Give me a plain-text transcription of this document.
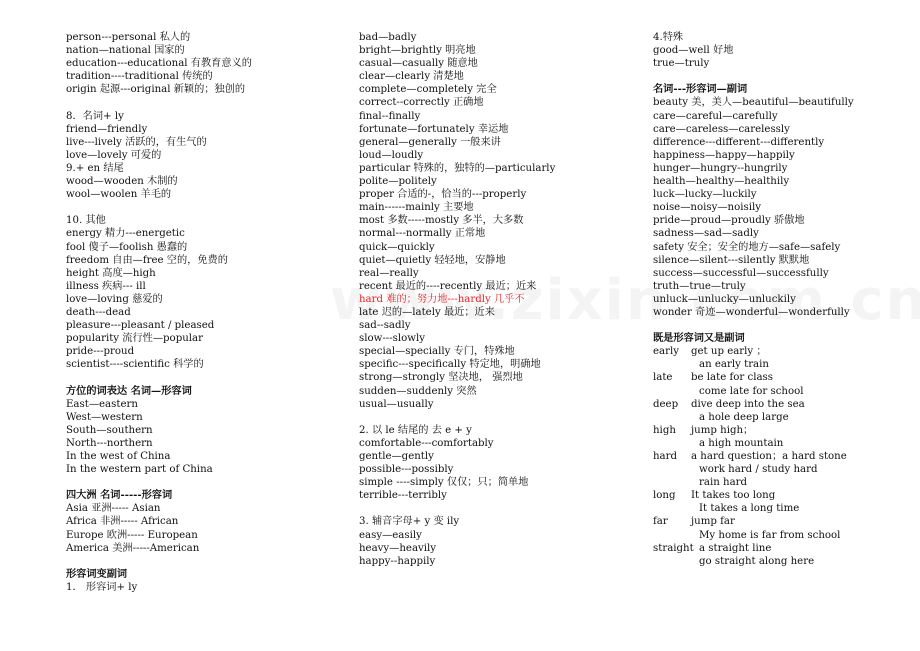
person---personal 私人的
nation—national 国家的
education---educational 有教育意义的
tradition----traditional 传统的
origin 起源---original 新颖的；独创的
8．名词+ ly
friend—friendly
live---lively 活跃的，有生气的
love—lovely 可爱的
9.+ en 结尾
wood—wooden 木制的
wool—woolen 羊毛的
10. 其他
energy 精力---energetic
fool 傻子—foolish 愚蠢的
freedom 自由—free 空的，免费的
height 高度—high
illness 疾病--- ill
love—loving 慈爱的
death---dead
pleasure---pleasant / pleased
popularity 流行性—popular
pride---proud
scientist----scientific 科学的
方位的词表达 名词—形容词
East—eastern
West—western
South—southern
North---northern
In the west of China
In the western part of China
四大洲 名词-----形容词
Asia 亚洲----- Asian
Africa 非洲----- African
Europe 欧洲----- European
America 美洲-----American
形容词变副词
1． 形容词+ ly
bad—badly
bright—brightly 明亮地
casual—casually 随意地
clear—clearly 清楚地
complete—completely 完全
correct--correctly 正确地
final--finally
fortunate—fortunately 幸运地
general—generally 一般来讲
loud—loudly
particular 特殊的，独特的—particularly
polite—politely
proper 合适的-，恰当的---properly
main------mainly 主要地
most 多数-----mostly 多半，大多数
normal---normally 正常地
quick—quickly
quiet—quietly 轻轻地，安静地
real—really
recent 最近的----recently 最近；近来
hard 难的；努力地---hardly 几乎不
late 迟的—lately 最近；近来
sad--sadly
slow---slowly
special—specially 专门，特殊地
specific---specifically 特定地，明确地
strong—strongly 坚决地， 强烈地
sudden—suddenly 突然
usual—usually
2. 以 le 结尾的 去 e + y
comfortable---comfortably
gentle—gently
possible---possibly
simple ----simply 仅仅；只；简单地
terrible---terribly
3. 辅音字母+ y 变 ily
easy—easily
heavy—heavily
happy--happily
4.特殊
good—well 好地
true—truly
名词---形容词—副词
beauty 美，美人—beautiful—beautifully
care—careful—carefully
care—careless—carelessly
difference---different---differently
happiness—happy—happily
hunger—hungry--hungrily
health—healthy—healthily
luck—lucky—luckily
noise—noisy—noisily
pride—proud—proudly 骄傲地
sadness—sad—sadly
safety 安全；安全的地方—safe—safely
silence—silent---silently 默默地
success—successful—successfully
truth—true—truly
unluck—unlucky—unluckily
wonder 奇迹—wonderful—wonderfully
既是形容词又是副词
early get up early ；
an early train
late be late for class
come late for school
deep dive deep into the sea
a hole deep large
high jump high；
a high mountain
hard a hard question；a hard stone
work hard / study hard
rain hard
long It takes too long
It takes a long time
far jump far
My home is far from school
straight a straight line
go straight along here
